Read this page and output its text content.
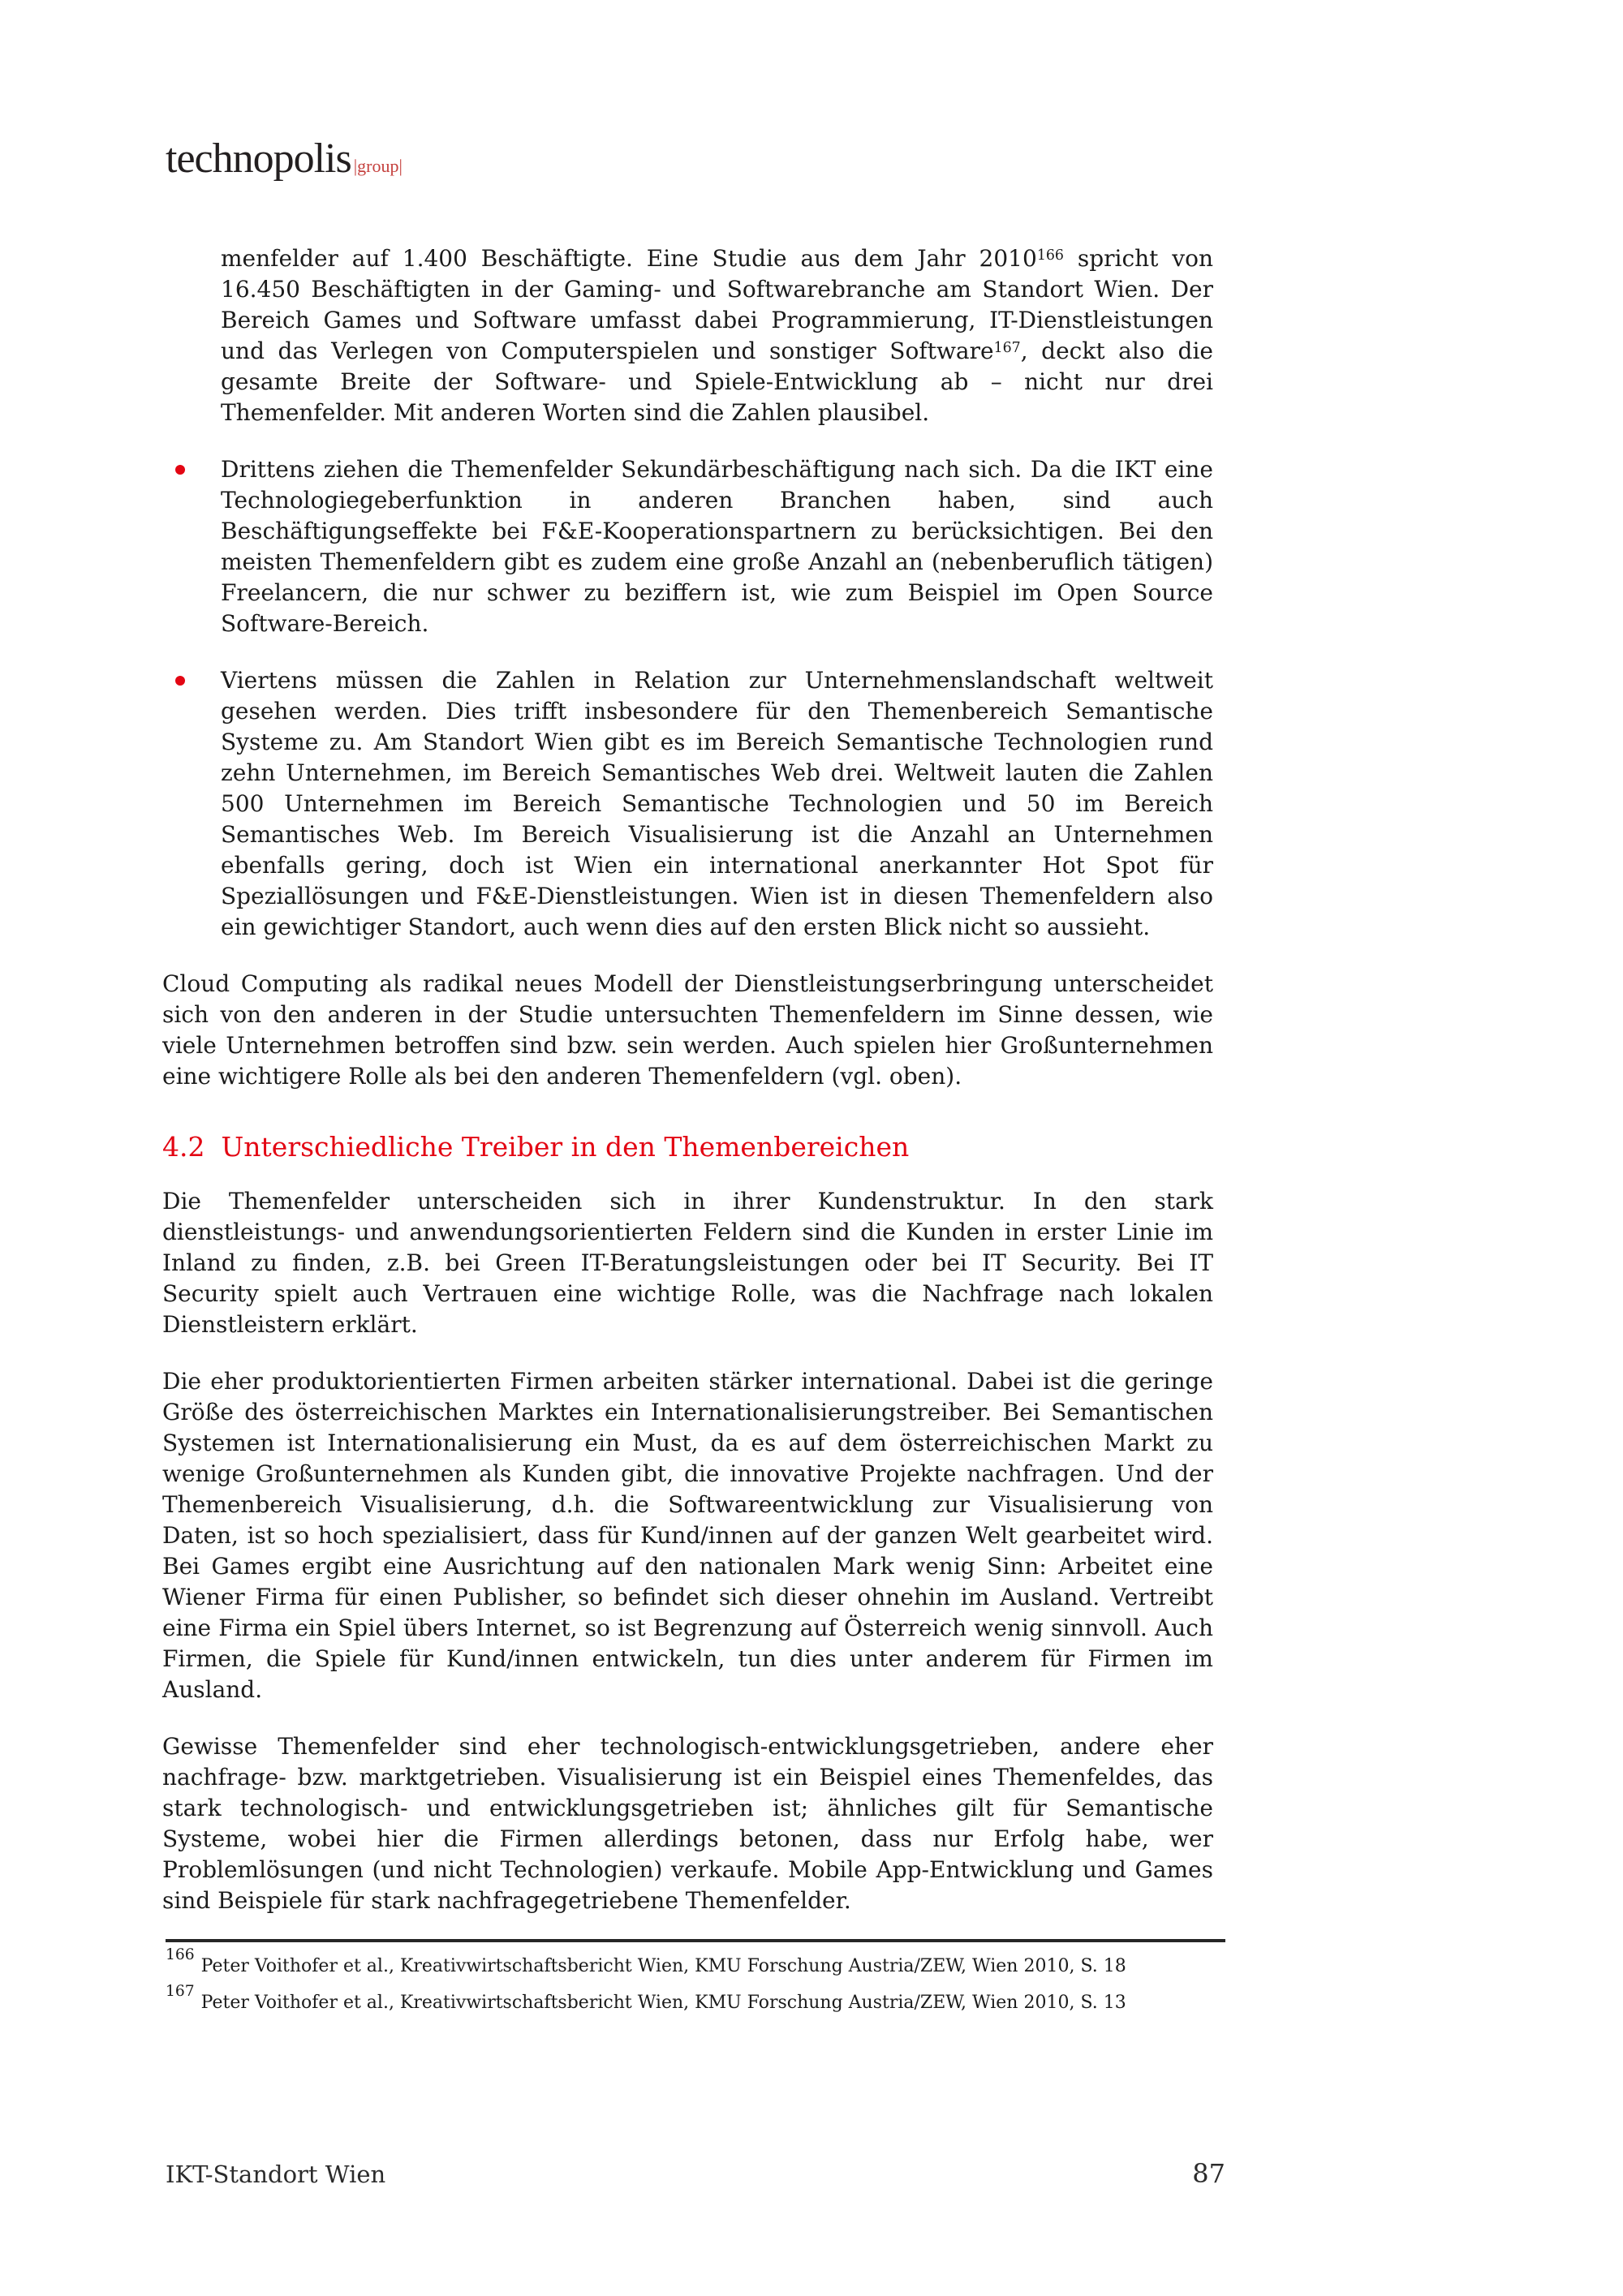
technopolis |group|

menfelder auf 1.400 Beschäftigte. Eine Studie aus dem Jahr 2010$^{166}$ spricht von 16.450 Beschäftigten in der Gaming- und Softwarebranche am Standort Wien. Der Bereich Games und Software umfasst dabei Programmierung, IT-Dienstleistungen und das Verlegen von Computerspielen und sonstiger Software$^{167}$, deckt also die gesamte Breite der Software- und Spiele-Entwicklung ab – nicht nur drei Themenfelder. Mit anderen Worten sind die Zahlen plausibel.

Drittens ziehen die Themenfelder Sekundärbeschäftigung nach sich. Da die IKT eine Technologiegeberfunktion in anderen Branchen haben, sind auch Beschäftigungseffekte bei F&E-Kooperationspartnern zu berücksichtigen. Bei den meisten Themenfeldern gibt es zudem eine große Anzahl an (nebenberuflich tätigen) Freelancern, die nur schwer zu beziffern ist, wie zum Beispiel im Open Source Software-Bereich.

Viertens müssen die Zahlen in Relation zur Unternehmenslandschaft weltweit gesehen werden. Dies trifft insbesondere für den Themenbereich Semantische Systeme zu. Am Standort Wien gibt es im Bereich Semantische Technologien rund zehn Unternehmen, im Bereich Semantisches Web drei. Weltweit lauten die Zahlen 500 Unternehmen im Bereich Semantische Technologien und 50 im Bereich Semantisches Web. Im Bereich Visualisierung ist die Anzahl an Unternehmen ebenfalls gering, doch ist Wien ein international anerkannter Hot Spot für Speziallösungen und F&E-Dienstleistungen. Wien ist in diesen Themenfeldern also ein gewichtiger Standort, auch wenn dies auf den ersten Blick nicht so aussieht.

Cloud Computing als radikal neues Modell der Dienstleistungserbringung unterscheidet sich von den anderen in der Studie untersuchten Themenfeldern im Sinne dessen, wie viele Unternehmen betroffen sind bzw. sein werden. Auch spielen hier Großunternehmen eine wichtigere Rolle als bei den anderen Themenfeldern (vgl. oben).

4.2 Unterschiedliche Treiber in den Themenbereichen

Die Themenfelder unterscheiden sich in ihrer Kundenstruktur. In den stark dienstleistungs- und anwendungsorientierten Feldern sind die Kunden in erster Linie im Inland zu finden, z.B. bei Green IT-Beratungsleistungen oder bei IT Security. Bei IT Security spielt auch Vertrauen eine wichtige Rolle, was die Nachfrage nach lokalen Dienstleistern erklärt.

Die eher produktorientierten Firmen arbeiten stärker international. Dabei ist die geringe Größe des österreichischen Marktes ein Internationalisierungstreiber. Bei Semantischen Systemen ist Internationalisierung ein Must, da es auf dem österreichischen Markt zu wenige Großunternehmen als Kunden gibt, die innovative Projekte nachfragen. Und der Themenbereich Visualisierung, d.h. die Softwareentwicklung zur Visualisierung von Daten, ist so hoch spezialisiert, dass für Kund/innen auf der ganzen Welt gearbeitet wird. Bei Games ergibt eine Ausrichtung auf den nationalen Mark wenig Sinn: Arbeitet eine Wiener Firma für einen Publisher, so befindet sich dieser ohnehin im Ausland. Vertreibt eine Firma ein Spiel übers Internet, so ist Begrenzung auf Österreich wenig sinnvoll. Auch Firmen, die Spiele für Kund/innen entwickeln, tun dies unter anderem für Firmen im Ausland.

Gewisse Themenfelder sind eher technologisch-entwicklungsgetrieben, andere eher nachfrage- bzw. marktgetrieben. Visualisierung ist ein Beispiel eines Themenfeldes, das stark technologisch- und entwicklungsgetrieben ist; ähnliches gilt für Semantische Systeme, wobei hier die Firmen allerdings betonen, dass nur Erfolg habe, wer Problemlösungen (und nicht Technologien) verkaufe. Mobile App-Entwicklung und Games sind Beispiele für stark nachfragegetriebene Themenfelder.

$^{166}$Peter Voithofer et al., Kreativwirtschaftsbericht Wien, KMU Forschung Austria/ZEW, Wien 2010, S. 18
$^{167}$Peter Voithofer et al., Kreativwirtschaftsbericht Wien, KMU Forschung Austria/ZEW, Wien 2010, S. 13
IKT-Standort Wien	87
